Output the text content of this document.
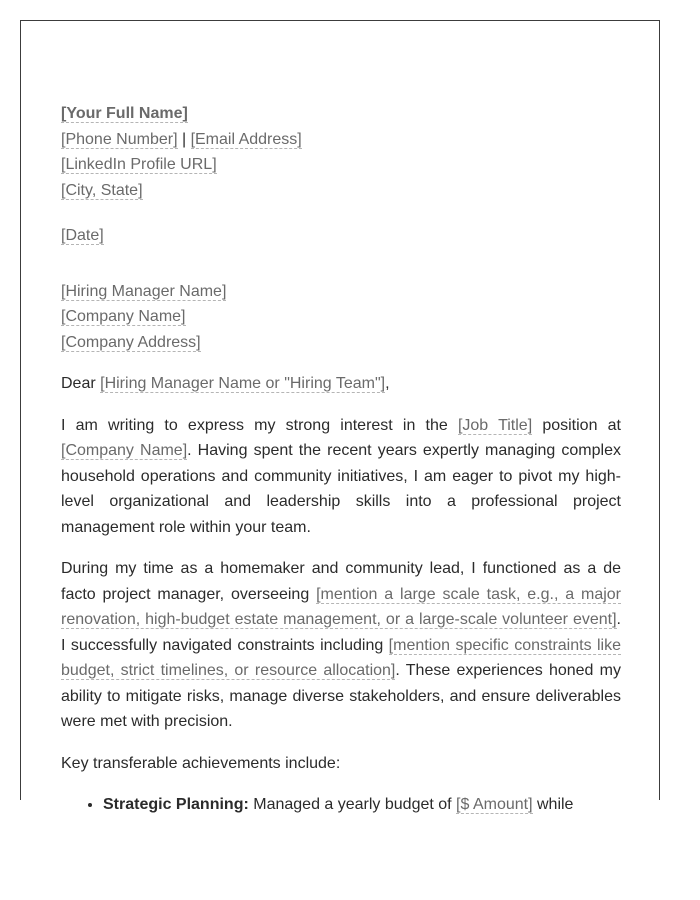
[Your Full Name]
[Phone Number] | [Email Address]
[LinkedIn Profile URL]
[City, State]
[Date]
[Hiring Manager Name]
[Company Name]
[Company Address]
Dear [Hiring Manager Name or "Hiring Team"],

I am writing to express my strong interest in the [Job Title] position at [Company Name]. Having spent the recent years expertly managing complex household operations and community initiatives, I am eager to pivot my high-level organizational and leadership skills into a professional project management role within your team.

During my time as a homemaker and community lead, I functioned as a de facto project manager, overseeing [mention a large scale task, e.g., a major renovation, high-budget estate management, or a large-scale volunteer event]. I successfully navigated constraints including [mention specific constraints like budget, strict timelines, or resource allocation]. These experiences honed my ability to mitigate risks, manage diverse stakeholders, and ensure deliverables were met with precision.

Key transferable achievements include:

• Strategic Planning: Managed a yearly budget of [$ Amount] while
